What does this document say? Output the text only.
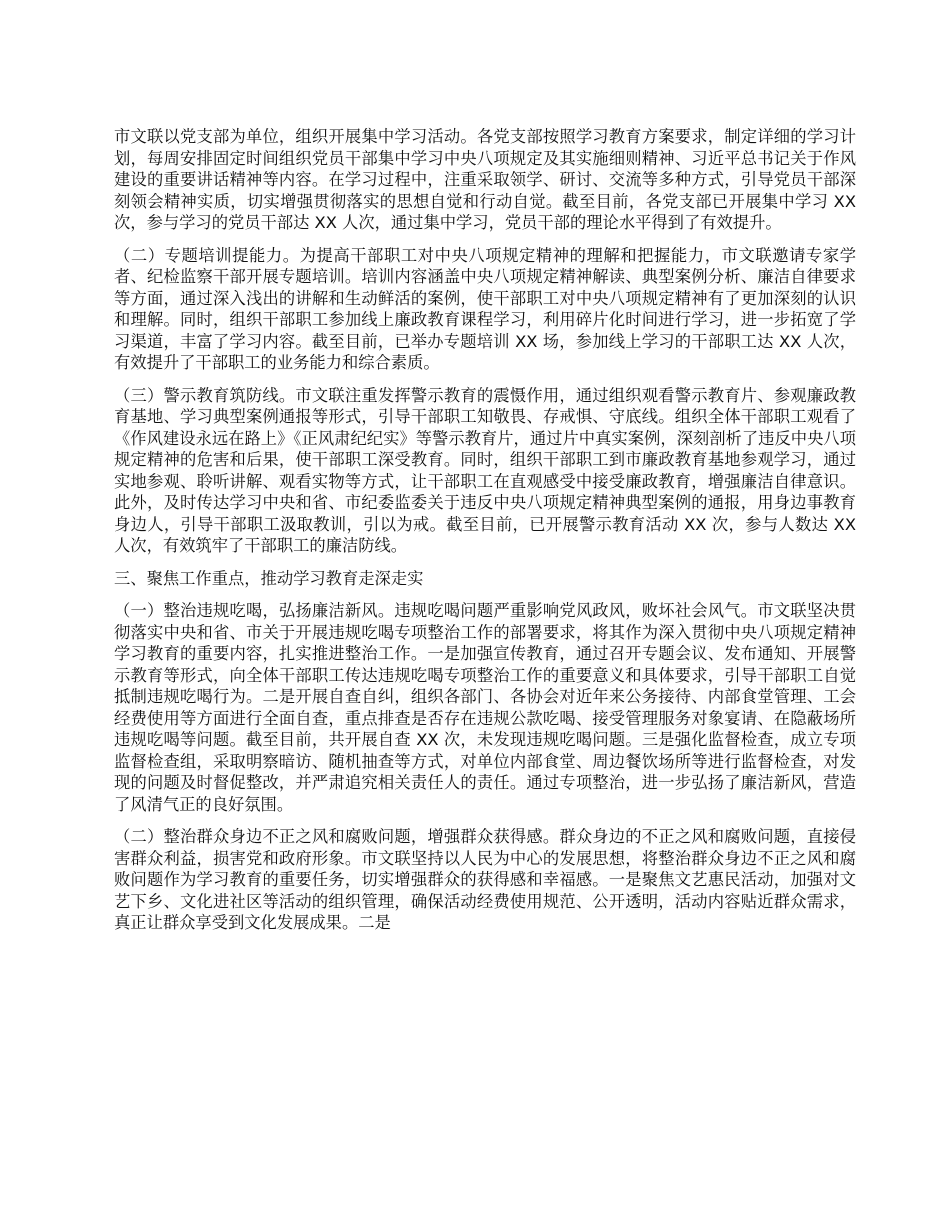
市文联以党支部为单位，组织开展集中学习活动。各党支部按照学习教育方案要求，制定详细的学习计划，每周安排固定时间组织党员干部集中学习中央八项规定及其实施细则精神、习近平总书记关于作风建设的重要讲话精神等内容。在学习过程中，注重采取领学、研讨、交流等多种方式，引导党员干部深刻领会精神实质，切实增强贯彻落实的思想自觉和行动自觉。截至目前，各党支部已开展集中学习 XX 次，参与学习的党员干部达 XX 人次，通过集中学习，党员干部的理论水平得到了有效提升。

（二）专题培训提能力。为提高干部职工对中央八项规定精神的理解和把握能力，市文联邀请专家学者、纪检监察干部开展专题培训。培训内容涵盖中央八项规定精神解读、典型案例分析、廉洁自律要求等方面，通过深入浅出的讲解和生动鲜活的案例，使干部职工对中央八项规定精神有了更加深刻的认识和理解。同时，组织干部职工参加线上廉政教育课程学习，利用碎片化时间进行学习，进一步拓宽了学习渠道，丰富了学习内容。截至目前，已举办专题培训 XX 场，参加线上学习的干部职工达 XX 人次，有效提升了干部职工的业务能力和综合素质。

（三）警示教育筑防线。市文联注重发挥警示教育的震慑作用，通过组织观看警示教育片、参观廉政教育基地、学习典型案例通报等形式，引导干部职工知敬畏、存戒惧、守底线。组织全体干部职工观看了《作风建设永远在路上》《正风肃纪纪实》等警示教育片，通过片中真实案例，深刻剖析了违反中央八项规定精神的危害和后果，使干部职工深受教育。同时，组织干部职工到市廉政教育基地参观学习，通过实地参观、聆听讲解、观看实物等方式，让干部职工在直观感受中接受廉政教育，增强廉洁自律意识。此外，及时传达学习中央和省、市纪委监委关于违反中央八项规定精神典型案例的通报，用身边事教育身边人，引导干部职工汲取教训，引以为戒。截至目前，已开展警示教育活动 XX 次，参与人数达 XX 人次，有效筑牢了干部职工的廉洁防线。

三、聚焦工作重点，推动学习教育走深走实

（一）整治违规吃喝，弘扬廉洁新风。违规吃喝问题严重影响党风政风，败坏社会风气。市文联坚决贯彻落实中央和省、市关于开展违规吃喝专项整治工作的部署要求，将其作为深入贯彻中央八项规定精神学习教育的重要内容，扎实推进整治工作。一是加强宣传教育，通过召开专题会议、发布通知、开展警示教育等形式，向全体干部职工传达违规吃喝专项整治工作的重要意义和具体要求，引导干部职工自觉抵制违规吃喝行为。二是开展自查自纠，组织各部门、各协会对近年来公务接待、内部食堂管理、工会经费使用等方面进行全面自查，重点排查是否存在违规公款吃喝、接受管理服务对象宴请、在隐蔽场所违规吃喝等问题。截至目前，共开展自查 XX 次，未发现违规吃喝问题。三是强化监督检查，成立专项监督检查组，采取明察暗访、随机抽查等方式，对单位内部食堂、周边餐饮场所等进行监督检查，对发现的问题及时督促整改，并严肃追究相关责任人的责任。通过专项整治，进一步弘扬了廉洁新风，营造了风清气正的良好氛围。

（二）整治群众身边不正之风和腐败问题，增强群众获得感。群众身边的不正之风和腐败问题，直接侵害群众利益，损害党和政府形象。市文联坚持以人民为中心的发展思想，将整治群众身边不正之风和腐败问题作为学习教育的重要任务，切实增强群众的获得感和幸福感。一是聚焦文艺惠民活动，加强对文艺下乡、文化进社区等活动的组织管理，确保活动经费使用规范、公开透明，活动内容贴近群众需求，真正让群众享受到文化发展成果。二是
